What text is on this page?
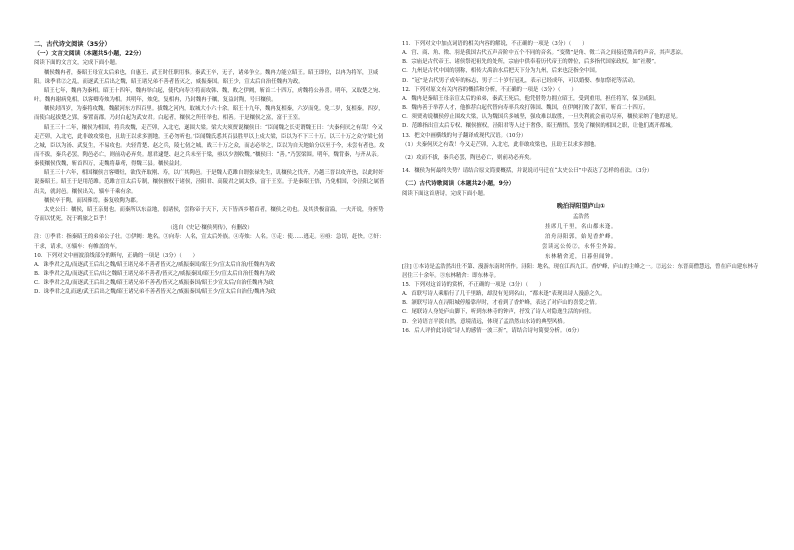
二、古代诗文阅读（35分）

（一）文言文阅读（本题共5小题，22分）

阅读下面的文言文，完成下面小题。

穰侯魏冉者，秦昭王母宣太后弟也，自惠王、武王时任职用事。秦武王卒，无子，诸弟争立。魏冉力能立昭王。昭王即位，以冉为将军，卫咸阳。诛季君②之乱，而逐武王后出之魏，昭王诸兄弟不善者皆灭之，威振秦国。昭王少，宣太后自治任魏冉为政。

昭王七年，魏冉为秦相。昭王十四年，魏冉举白起，使代向寿③将而攻韩、魏，败之伊阙，斩首二十四万，虏魏将公孙喜。明年，又取楚之宛、叶。魏冉谢病免相，以客卿寿烛为相。其明年，烛免，复相冉，乃封魏冉于穰，复益封陶，号曰穰侯。

穰侯封四岁，为秦将攻魏。魏献河东方四百里。拔魏之河内，取城大小六十余。昭王十九年，魏冉复相秦，六岁而免。免二岁，复相秦。四岁，而使白起拔楚之郢，秦置南郡。乃封白起为武安君。白起者，穰侯之所任举也，相善。于是穰侯之富，富于王室。

昭王三十二年，穰侯为相国，将兵攻魏，走芒卯，入北宅，遂围大梁。梁大夫须贾说穰侯曰：“臣闻魏之长吏谓魏王曰：‘夫秦何厌之有哉！今又走芒卯，入北宅，此非敢攻梁也，且劫王以求多割地。王必勿听也。’臣闻魏氏悉其百县胜甲以上戍大梁，臣以为不下三十万。以三十万之众守梁七仞之城，臣以为汤、武复生，不易攻也。夫轻背楚、赵之兵，陵七仞之城，战三十万之众，而志必举之，臣以为自天地始分以至于今，未尝有者也。攻而不拔，秦兵必罢，陶邑必亡，则前功必弃矣。愿君逮楚、赵之兵未至于梁，亟以少割收魏。”穰侯曰：“善。”乃罢梁围。明年，魏背秦，与齐从亲。秦使穰侯伐魏，斩首四万，走魏将暴鸢，得魏三县。穰侯益封。

昭王三十六年，相国穰侯言客卿灶，欲伐齐取刚、寿，以广其陶邑。于是魏人范雎自谓张禄先生，讥穰侯之伐齐，乃越三晋以攻齐也，以此时奸说秦昭王。昭王于是用范雎。范雎言宣太后专制，穰侯擅权于诸侯，泾阳君、高陵君之属太侈，富于王室。于是秦昭王悟，乃免相国，令泾阳之属皆出关，就封邑。穰侯出关，辎车千乘有余。

穰侯卒于陶，而因葬焉。秦复收陶为郡。

太史公曰：穰侯，昭王亲舅也。而秦所以东益地，弱诸侯，尝称帝于天下，天下皆西乡稽首者，穰侯之功也。及其贵极富溢，一夫开说，身折势夺而以忧死，况于羁旅之臣乎！

（选自《史记·穰侯列传》，有删改）

注：①季君：指秦昭王的弟弟公子壮。②伊阙：地名。③向寿：人名，宣太后外族。④寿烛：人名。⑤走：使……逃走。⑥亟：急切，赶快。⑦奸：干求，请求。⑧辎车：有帷盖的车。

10．下列对文中画波浪线部分的断句，正确的一项是（3分）（　　）

A．诛季君之乱/而逐武王后出之魏/昭王诸兄弟不善者皆灭之/威振秦国/昭王少/宣太后自治/任魏冉为政

B．诛季君之乱/而逐武王后/出之魏昭王诸兄弟不善者/皆灭之/威振秦国/昭王少/宣太后自治任魏冉为政

C．诛季君之乱/而逐武王后出之魏/昭王诸兄弟不善者/皆灭之威振秦国/昭王少宣太后/自治任魏冉为政

D．诛季君之乱而逐/武王后出之魏/昭王诸兄弟不善者皆灭之/威振秦国/昭王少/宣太后自治任/魏冉为政

11．下列对文中加点词语的相关内容的解说，不正确的一项是（3分）（　　）

A．宫、商、角、徵、羽是我国古代五声音阶中五个不同的音名。“变徵”是角、徵二音之间接近徵音的声音，其声悲凉。

B．宗庙是古代帝王、诸侯祭祀祖先的处所，宗庙中供奉着历代帝王的牌位，后多指代国家政权，如“社稷”。

C．九州是古代中国的别称，相传大禹治水后把天下分为九州，后来也泛指全中国。

D．“冠”是古代男子成年的标志，男子二十岁行冠礼，表示已经成年，可以婚娶、参加祭祀等活动。

12．下列对原文有关内容的概括和分析，不正确的一项是（3分）（　　）

A．魏冉是秦昭王母亲宣太后的弟弟，秦武王死后，他凭借势力拥立昭王，受到重用，担任将军，保卫咸阳。

B．魏冉善于举荐人才，他推荐白起代替向寿率兵攻打韩国、魏国，在伊阙打败了敌军，斩首二十四万。

C．须贾劝说穰侯停止围攻大梁，认为魏国兵多城坚，强攻难以取胜，一旦失利就会前功尽弃，穰侯采纳了他的意见。

D．范雎指出宣太后专权、穰侯擅权，泾阳君等人过于奢侈，昭王醒悟，罢免了穰侯的相国之职，让他们离开都城。

13．把文中画横线的句子翻译成现代汉语。（10分）

（1）夫秦何厌之有哉！今又走芒卯，入北宅，此非敢攻梁也，且劫王以求多割地。

（2）攻而不拔，秦兵必罢，陶邑必亡，则前功必弃矣。

14．穰侯为何最终失势？请结合原文简要概括，并说说司马迁在“太史公曰”中表达了怎样的看法。（3分）

（二）古代诗歌阅读（本题共2小题，9分）

阅读下面这首唐诗，完成下面小题。

晚泊浔阳望庐山①

孟浩然

挂席几千里，名山都未逢。

泊舟浔阳郭，始见香炉峰。

尝读远公传②，永怀尘外踪。

东林精舍近，日暮但闻钟。

[注] ①本诗是孟浩然出仕不第、漫游东南时所作。浔阳：地名，现在江西九江。香炉峰，庐山的主峰之一。②远公：东晋高僧慧远，曾在庐山建东林寺居住三十余年。③东林精舍：即东林寺。

15．下列对这首诗的赏析，不正确的一项是（3分）（　　）

A．首联写诗人乘船行了几千里路，却没有见到名山，“都未逢”表现出诗人漫游之久。

B．颔联写诗人在浔阳城停船靠岸时，才看到了香炉峰，表达了对庐山的喜爱之情。

C．尾联诗人身处庐山脚下，听到东林寺的钟声，抒发了诗人对隐逸生活的向往。

D．全诗语言平淡自然，意境清远，体现了孟浩然山水诗的典型风格。

16．后人评价此诗说“诗人的感情一波三折”，请结合诗句简要分析。（6分）
